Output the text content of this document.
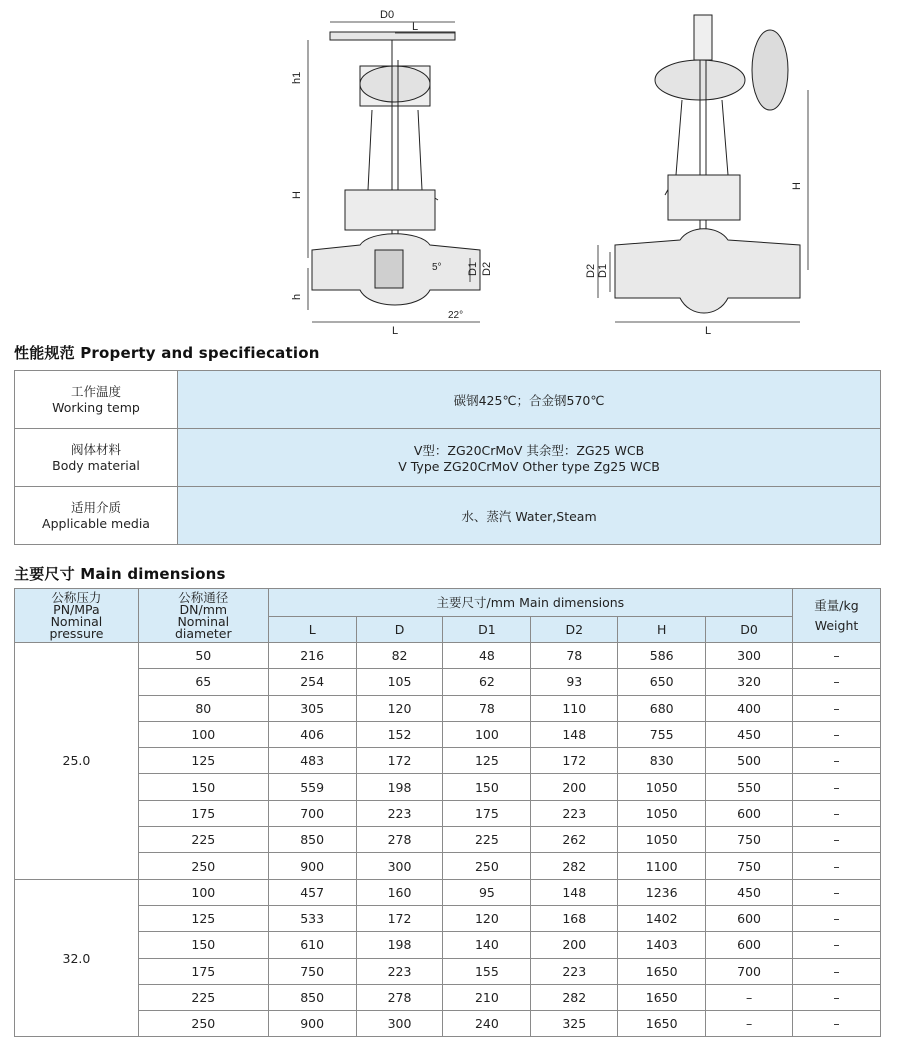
D0
L
h1
H
h
D1 D2
L
5°
22°
H
D2 D1
L
性能规范 Property and specifiecation
工作温度
Working temp	碳钢425℃；合金钢570℃

阀体材料
Body material	V型：ZG20CrMoV 其余型：ZG25 WCB
V Type ZG20CrMoV Other type Zg25 WCB

适用介质
Applicable media	水、蒸汽 Water,Steam
主要尺寸 Main dimensions
公称压力
PN/MPa
Nominal
pressure	公称通径
DN/mm
Nominal
diameter	主要尺寸/mm Main dimensions						重量/kg
Weight

		L	D	D1	D2	H	D0	
25.0	50	216	82	48	78	586	300	–
	65	254	105	62	93	650	320	–
	80	305	120	78	110	680	400	–
	100	406	152	100	148	755	450	–
	125	483	172	125	172	830	500	–
	150	559	198	150	200	1050	550	–
	175	700	223	175	223	1050	600	–
	225	850	278	225	262	1050	750	–
	250	900	300	250	282	1100	750	–
32.0	100	457	160	95	148	1236	450	–
	125	533	172	120	168	1402	600	–
	150	610	198	140	200	1403	600	–
	175	750	223	155	223	1650	700	–
	225	850	278	210	282	1650	–	–
	250	900	300	240	325	1650	–	–
